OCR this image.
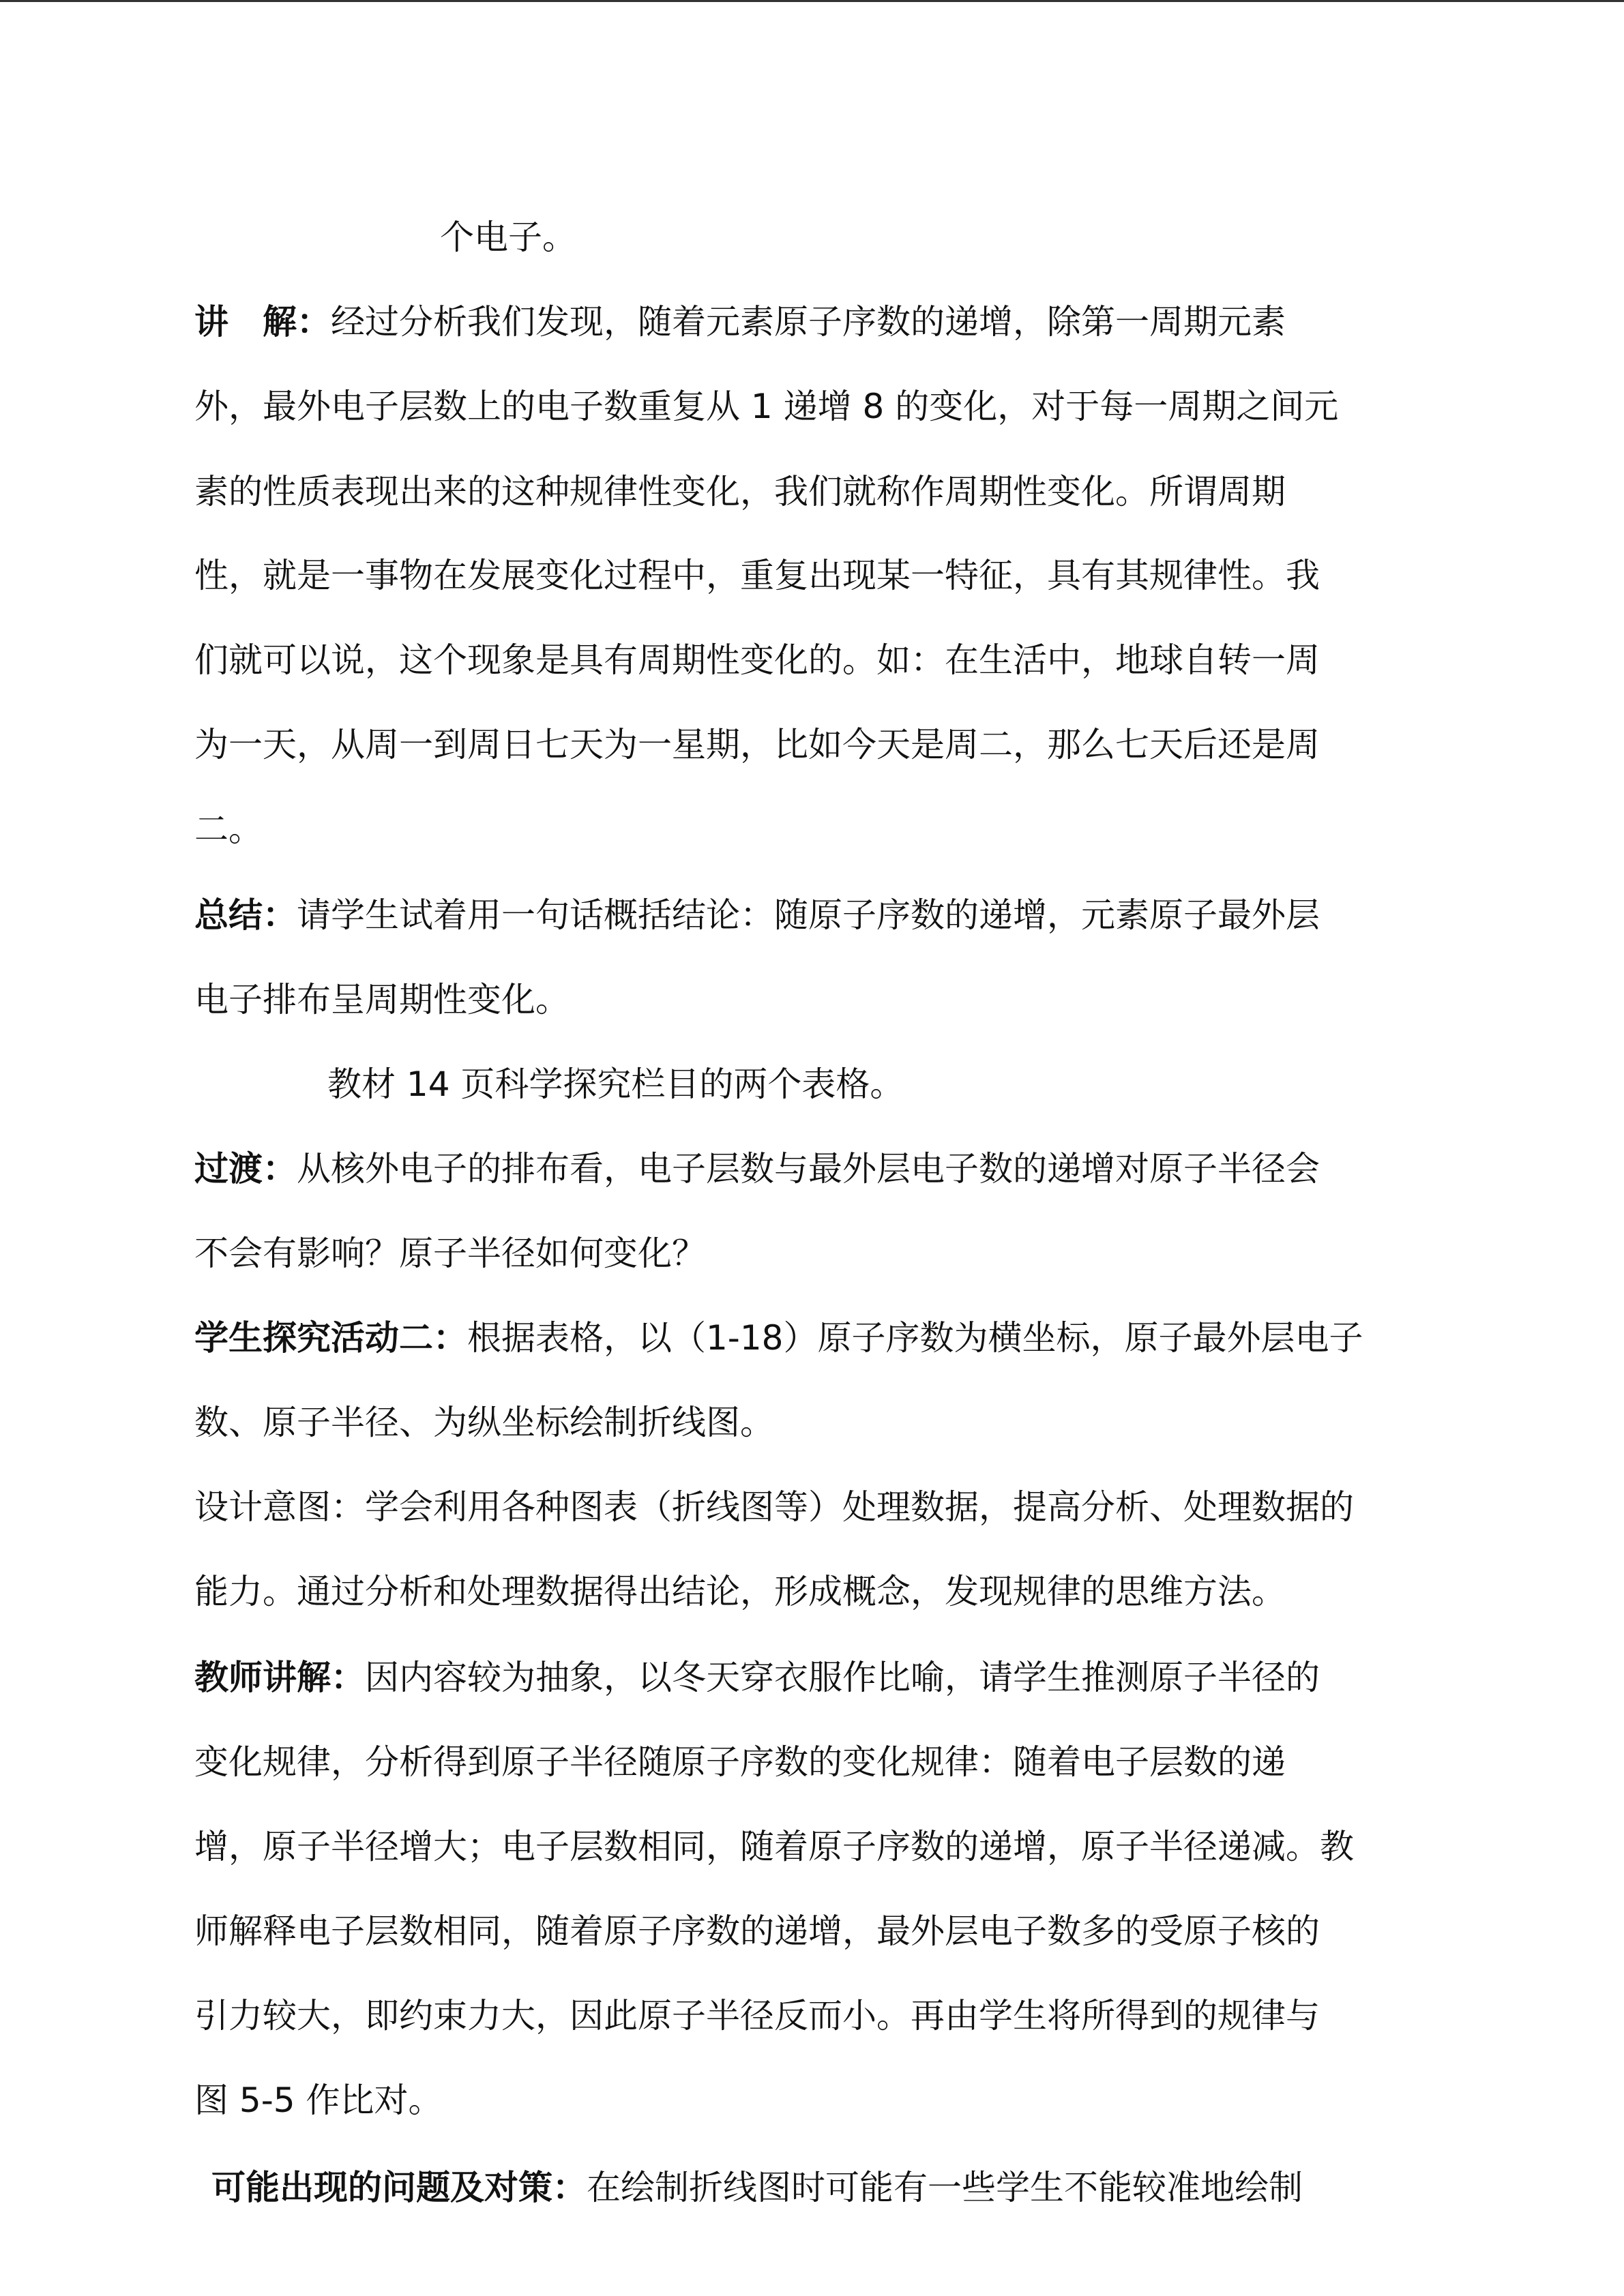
个电子。
讲　解：经过分析我们发现，随着元素原子序数的递增，除第一周期元素
外，最外电子层数上的电子数重复从 1 递增 8 的变化，对于每一周期之间元
素的性质表现出来的这种规律性变化，我们就称作周期性变化。所谓周期
性，就是一事物在发展变化过程中，重复出现某一特征，具有其规律性。我
们就可以说，这个现象是具有周期性变化的。如：在生活中，地球自转一周
为一天，从周一到周日七天为一星期，比如今天是周二，那么七天后还是周
二。
总结：请学生试着用一句话概括结论：随原子序数的递增，元素原子最外层
电子排布呈周期性变化。
教材 14 页科学探究栏目的两个表格。
过渡：从核外电子的排布看，电子层数与最外层电子数的递增对原子半径会
不会有影响？原子半径如何变化？
学生探究活动二：根据表格，以（1-18）原子序数为横坐标，原子最外层电子
数、原子半径、为纵坐标绘制折线图。
设计意图：学会利用各种图表（折线图等）处理数据，提高分析、处理数据的
能力。通过分析和处理数据得出结论，形成概念，发现规律的思维方法。
教师讲解：因内容较为抽象，以冬天穿衣服作比喻，请学生推测原子半径的
变化规律，分析得到原子半径随原子序数的变化规律：随着电子层数的递
增，原子半径增大；电子层数相同，随着原子序数的递增，原子半径递减。教
师解释电子层数相同，随着原子序数的递增，最外层电子数多的受原子核的
引力较大，即约束力大，因此原子半径反而小。再由学生将所得到的规律与
图 5-5 作比对。
可能出现的问题及对策：在绘制折线图时可能有一些学生不能较准地绘制
